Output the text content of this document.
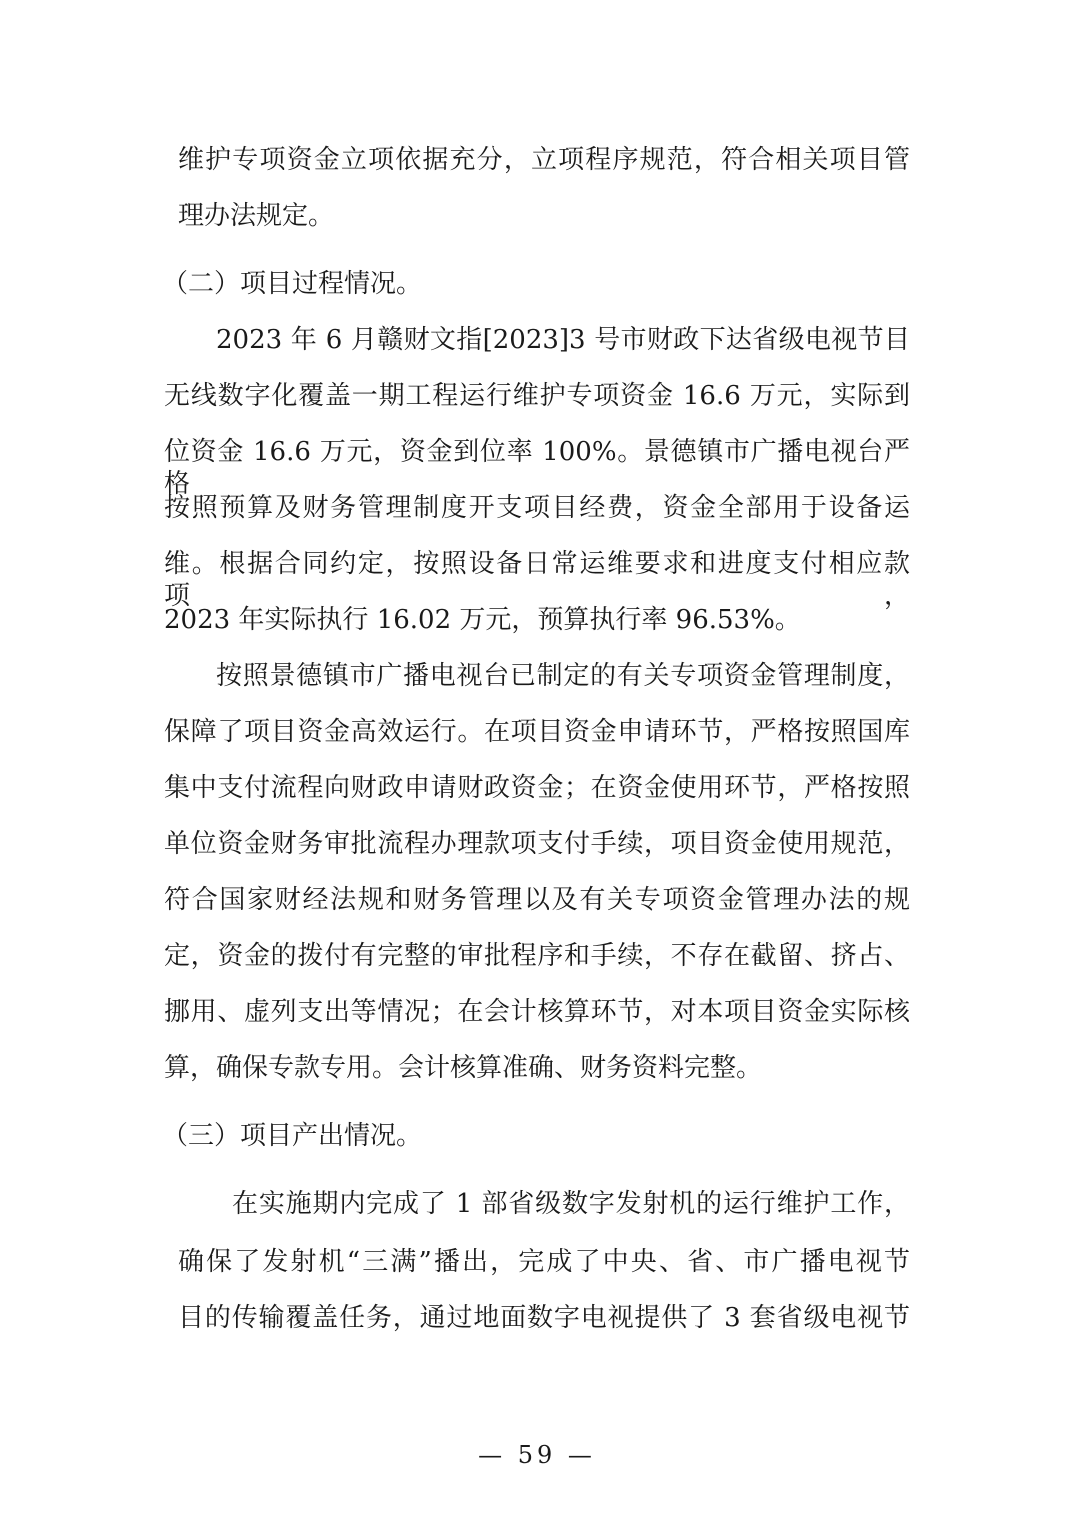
维护专项资金立项依据充分，立项程序规范，符合相关项目管
理办法规定。
（二）项目过程情况。
2023 年 6 月赣财文指[2023]3 号市财政下达省级电视节目
无线数字化覆盖一期工程运行维护专项资金 16.6 万元，实际到
位资金 16.6 万元，资金到位率 100%。景德镇市广播电视台严格
按照预算及财务管理制度开支项目经费，资金全部用于设备运
维。根据合同约定，按照设备日常运维要求和进度支付相应款项，
2023 年实际执行 16.02 万元，预算执行率 96.53%。
按照景德镇市广播电视台已制定的有关专项资金管理制度，
保障了项目资金高效运行。在项目资金申请环节，严格按照国库
集中支付流程向财政申请财政资金；在资金使用环节，严格按照
单位资金财务审批流程办理款项支付手续，项目资金使用规范，
符合国家财经法规和财务管理以及有关专项资金管理办法的规
定，资金的拨付有完整的审批程序和手续，不存在截留、挤占、
挪用、虚列支出等情况；在会计核算环节，对本项目资金实际核
算，确保专款专用。会计核算准确、财务资料完整。
（三）项目产出情况。
在实施期内完成了 1 部省级数字发射机的运行维护工作，
确保了发射机“三满”播出，完成了中央、省、市广播电视节
目的传输覆盖任务，通过地面数字电视提供了 3 套省级电视节
— 59 —
